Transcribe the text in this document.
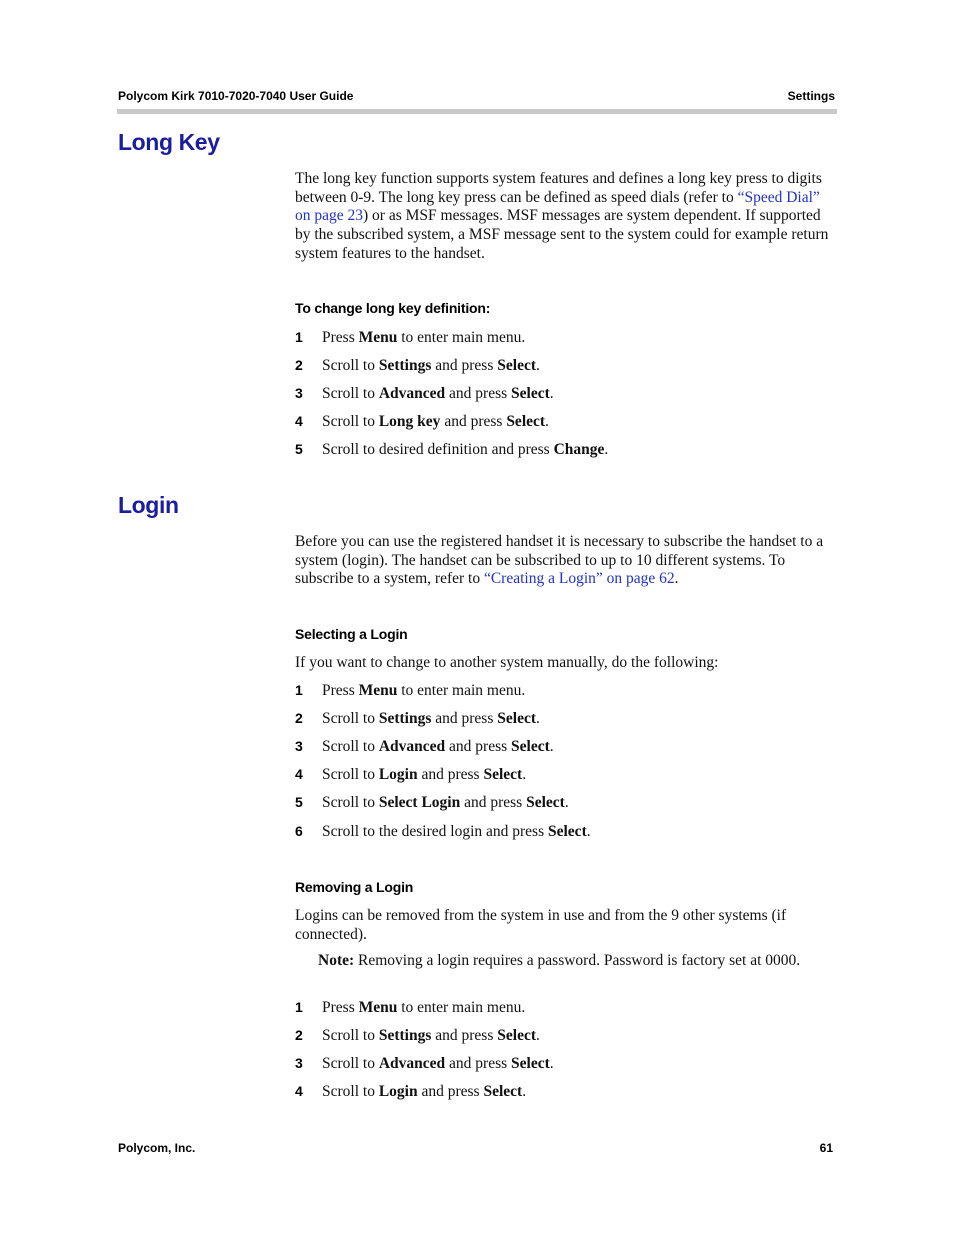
Polycom Kirk 7010-7020-7040 User Guide	Settings
Long Key
The long key function supports system features and defines a long key press to digits between 0-9. The long key press can be defined as speed dials (refer to “Speed Dial” on page 23) or as MSF messages. MSF messages are system dependent. If supported by the subscribed system, a MSF message sent to the system could for example return system features to the handset.
To change long key definition:
1 Press Menu to enter main menu.
2 Scroll to Settings and press Select.
3 Scroll to Advanced and press Select.
4 Scroll to Long key and press Select.
5 Scroll to desired definition and press Change.
Login
Before you can use the registered handset it is necessary to subscribe the handset to a system (login). The handset can be subscribed to up to 10 different systems. To subscribe to a system, refer to “Creating a Login” on page 62.
Selecting a Login
If you want to change to another system manually, do the following:
1 Press Menu to enter main menu.
2 Scroll to Settings and press Select.
3 Scroll to Advanced and press Select.
4 Scroll to Login and press Select.
5 Scroll to Select Login and press Select.
6 Scroll to the desired login and press Select.
Removing a Login
Logins can be removed from the system in use and from the 9 other systems (if connected).
Note: Removing a login requires a password. Password is factory set at 0000.
1 Press Menu to enter main menu.
2 Scroll to Settings and press Select.
3 Scroll to Advanced and press Select.
4 Scroll to Login and press Select.
Polycom, Inc.	61
